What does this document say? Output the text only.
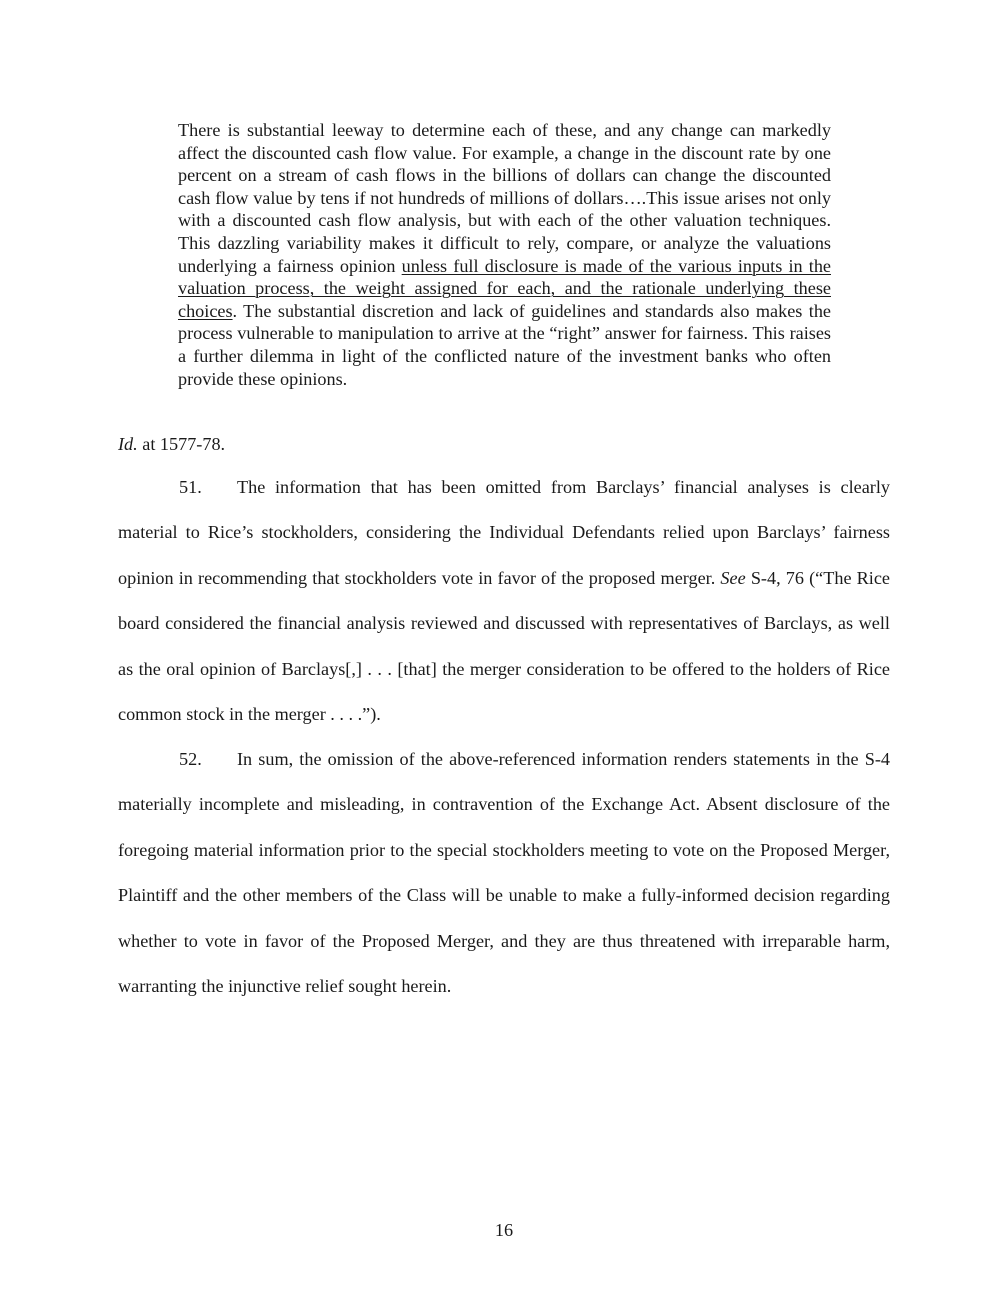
There is substantial leeway to determine each of these, and any change can markedly affect the discounted cash flow value. For example, a change in the discount rate by one percent on a stream of cash flows in the billions of dollars can change the discounted cash flow value by tens if not hundreds of millions of dollars….This issue arises not only with a discounted cash flow analysis, but with each of the other valuation techniques. This dazzling variability makes it difficult to rely, compare, or analyze the valuations underlying a fairness opinion unless full disclosure is made of the various inputs in the valuation process, the weight assigned for each, and the rationale underlying these choices. The substantial discretion and lack of guidelines and standards also makes the process vulnerable to manipulation to arrive at the “right” answer for fairness. This raises a further dilemma in light of the conflicted nature of the investment banks who often provide these opinions.

Id. at 1577-78.

51. The information that has been omitted from Barclays’ financial analyses is clearly material to Rice’s stockholders, considering the Individual Defendants relied upon Barclays’ fairness opinion in recommending that stockholders vote in favor of the proposed merger. See S-4, 76 (“The Rice board considered the financial analysis reviewed and discussed with representatives of Barclays, as well as the oral opinion of Barclays[,] . . . [that] the merger consideration to be offered to the holders of Rice common stock in the merger . . . .”).

52. In sum, the omission of the above-referenced information renders statements in the S-4 materially incomplete and misleading, in contravention of the Exchange Act. Absent disclosure of the foregoing material information prior to the special stockholders meeting to vote on the Proposed Merger, Plaintiff and the other members of the Class will be unable to make a fully-informed decision regarding whether to vote in favor of the Proposed Merger, and they are thus threatened with irreparable harm, warranting the injunctive relief sought herein.

16
